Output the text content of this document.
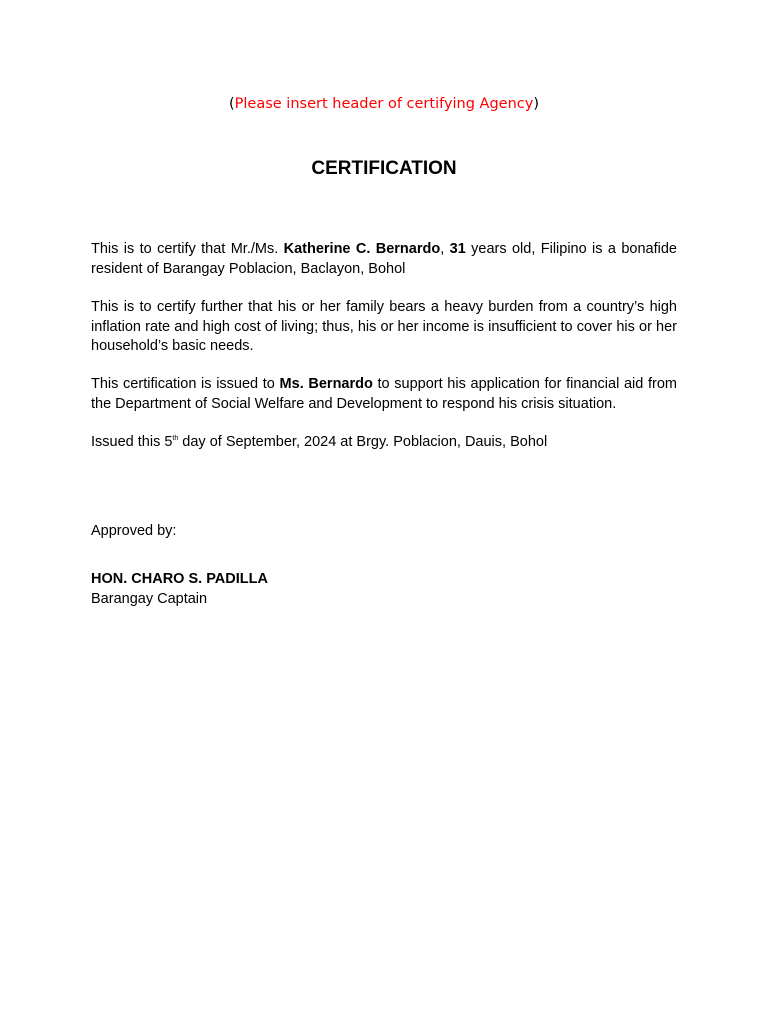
(Please insert header of certifying Agency)
CERTIFICATION
This is to certify that Mr./Ms. Katherine C. Bernardo, 31 years old, Filipino is a bonafide resident of Barangay Poblacion, Baclayon, Bohol
This is to certify further that his or her family bears a heavy burden from a country’s high inflation rate and high cost of living; thus, his or her income is insufficient to cover his or her household’s basic needs.
This certification is issued to Ms. Bernardo to support his application for financial aid from the Department of Social Welfare and Development to respond his crisis situation.
Issued this 5th day of September, 2024 at Brgy. Poblacion, Dauis, Bohol
Approved by:
HON. CHARO S. PADILLA
Barangay Captain
